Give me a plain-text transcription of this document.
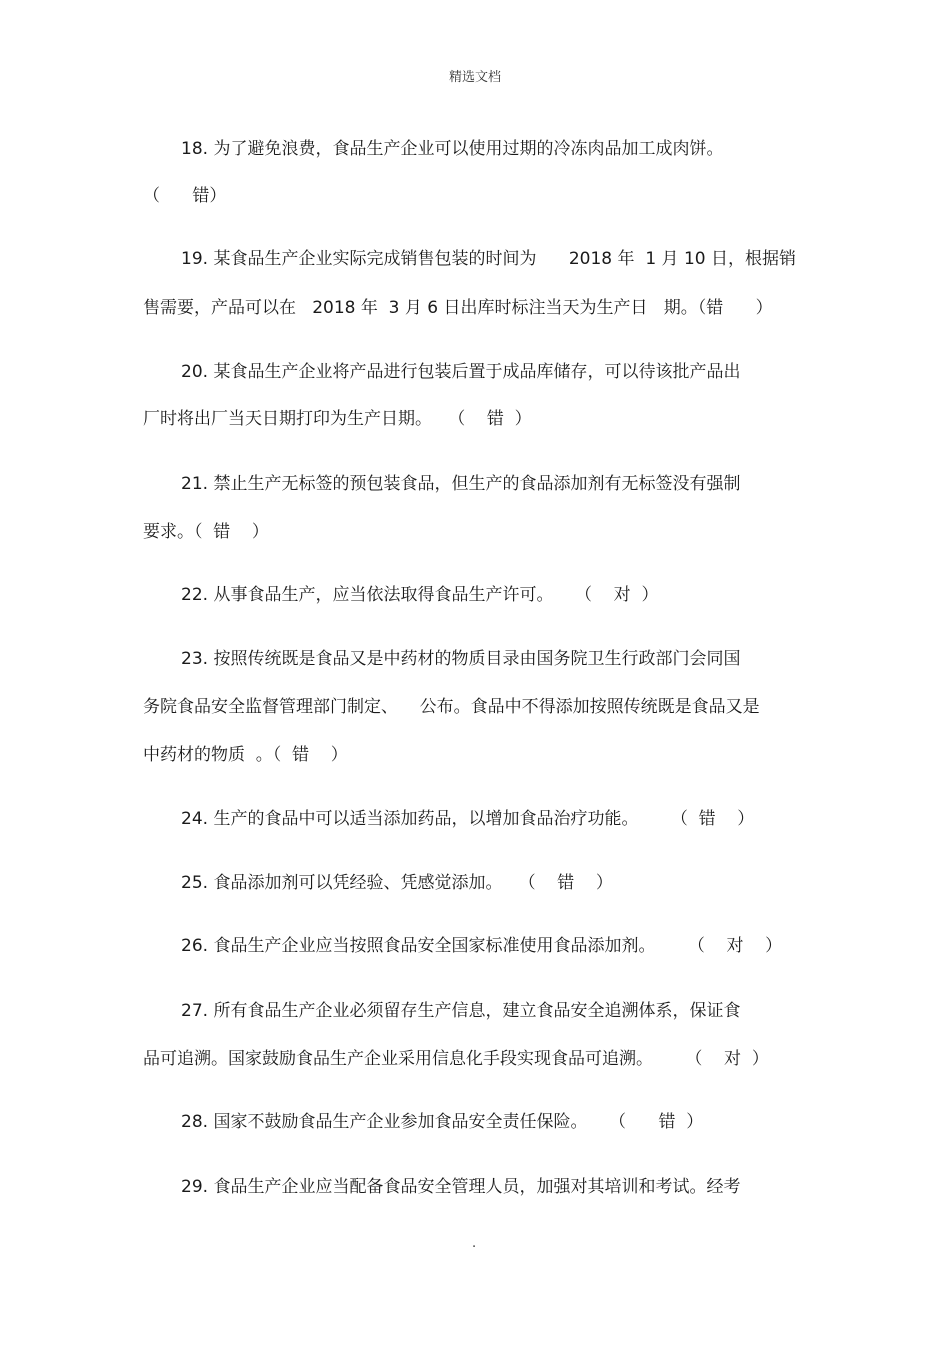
精选文档
18. 为了避免浪费，食品生产企业可以使用过期的冷冻肉品加工成肉饼。
（      错）
19. 某食品生产企业实际完成销售包装的时间为      2018 年  1 月 10 日，根据销
售需要，产品可以在   2018 年  3 月 6 日出库时标注当天为生产日   期。（错      ）
20. 某食品生产企业将产品进行包装后置于成品库储存，可以待该批产品出
厂时将出厂当天日期打印为生产日期。   （    错  ）
21. 禁止生产无标签的预包装食品，但生产的食品添加剂有无标签没有强制
要求。（  错    ）
22. 从事食品生产，应当依法取得食品生产许可。    （    对  ）
23. 按照传统既是食品又是中药材的物质目录由国务院卫生行政部门会同国
务院食品安全监督管理部门制定、    公布。食品中不得添加按照传统既是食品又是
中药材的物质  。（  错    ）
24. 生产的食品中可以适当添加药品，以增加食品治疗功能。      （  错    ）
25. 食品添加剂可以凭经验、凭感觉添加。   （    错    ）
26. 食品生产企业应当按照食品安全国家标准使用食品添加剂。      （    对    ）
27. 所有食品生产企业必须留存生产信息，建立食品安全追溯体系，保证食
品可追溯。国家鼓励食品生产企业采用信息化手段实现食品可追溯。      （    对  ）
28. 国家不鼓励食品生产企业参加食品安全责任保险。    （      错  ）
29. 食品生产企业应当配备食品安全管理人员，加强对其培训和考试。经考
.
